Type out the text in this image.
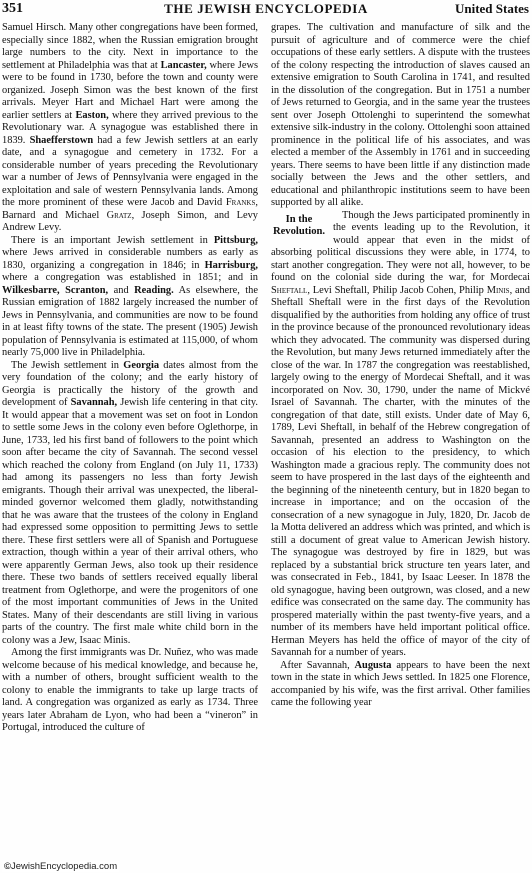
351	THE JEWISH ENCYCLOPEDIA	United States

Samuel Hirsch. Many other congregations have been formed, especially since 1882, when the Russian emigration brought large numbers to the city. Next in importance to the settlement at Philadelphia was that at Lancaster, where Jews were to be found in 1730, before the town and county were organized. Joseph Simon was the best known of the first arrivals. Meyer Hart and Michael Hart were among the earlier settlers at Easton, where they arrived previous to the Revolutionary war. A synagogue was established there in 1839. Shaefferstown had a few Jewish settlers at an early date, and a synagogue and cemetery in 1732. For a considerable number of years preceding the Revolutionary war a number of Jews of Pennsylvania were engaged in the exploitation and sale of western Pennsylvania lands. Among the more prominent of these were Jacob and David Franks, Barnard and Michael Gratz, Joseph Simon, and Levy Andrew Levy.

There is an important Jewish settlement in Pittsburg, where Jews arrived in considerable numbers as early as 1830, organizing a congregation in 1846; in Harrisburg, where a congregation was established in 1851; and in Wilkesbarre, Scranton, and Reading. As elsewhere, the Russian emigration of 1882 largely increased the number of Jews in Pennsylvania, and communities are now to be found in at least fifty towns of the state. The present (1905) Jewish population of Pennsylvania is estimated at 115,000, of whom nearly 75,000 live in Philadelphia.

The Jewish settlement in Georgia dates almost from the very foundation of the colony; and the early history of Georgia is practically the history of the growth and development of Savannah, Jewish life centering in that city. It would appear that a movement was set on foot in London to settle some Jews in the colony even before Oglethorpe, in June, 1733, led his first band of followers to the point which soon after became the city of Savannah. The second vessel which reached the colony from England (on July 11, 1733) had among its passengers no less than forty Jewish emigrants. Though their arrival was unexpected, the liberal-minded governor welcomed them gladly, notwithstanding that he was aware that the trustees of the colony in England had expressed some opposition to permitting Jews to settle there. These first settlers were all of Spanish and Portuguese extraction, though within a year of their arrival others, who were apparently German Jews, also took up their residence there. These two bands of settlers received equally liberal treatment from Oglethorpe, and were the progenitors of one of the most important communities of Jews in the United States. Many of their descendants are still living in various parts of the country. The first male white child born in the colony was a Jew, Isaac Minis.

Among the first immigrants was Dr. Nuñez, who was made welcome because of his medical knowledge, and because he, with a number of others, brought sufficient wealth to the colony to enable the immigrants to take up large tracts of land. A congregation was organized as early as 1734. Three years later Abraham de Lyon, who had been a “vineron” in Portugal, introduced the culture of

grapes. The cultivation and manufacture of silk and the pursuit of agriculture and of commerce were the chief occupations of these early settlers. A dispute with the trustees of the colony respecting the introduction of slaves caused an extensive emigration to South Carolina in 1741, and resulted in the dissolution of the congregation. But in 1751 a number of Jews returned to Georgia, and in the same year the trustees sent over Joseph Ottolenghi to superintend the somewhat extensive silk-industry in the colony. Ottolenghi soon attained prominence in the political life of his associates, and was elected a member of the Assembly in 1761 and in succeeding years. There seems to have been little if any distinction made socially between the Jews and the other settlers, and educational and philanthropic institutions seem to have been supported by all alike.

In the Revolution.

Though the Jews participated prominently in the events leading up to the Revolution, it would appear that even in the midst of absorbing political discussions they were able, in 1774, to start another congregation. They were not all, however, to be found on the colonial side during the war, for Mordecai Sheftall, Levi Sheftall, Philip Jacob Cohen, Philip Minis, and Sheftall Sheftall were in the first days of the Revolution disqualified by the authorities from holding any office of trust in the province because of the pronounced revolutionary ideas which they advocated. The community was dispersed during the Revolution, but many Jews returned immediately after the close of the war. In 1787 the congregation was reestablished, largely owing to the energy of Mordecai Sheftall, and it was incorporated on Nov. 30, 1790, under the name of Mickvé Israel of Savannah. The charter, with the minutes of the congregation of that date, still exists. Under date of May 6, 1789, Levi Sheftall, in behalf of the Hebrew congregation of Savannah, presented an address to Washington on the occasion of his election to the presidency, to which Washington made a gracious reply. The community does not seem to have prospered in the last days of the eighteenth and the beginning of the nineteenth century, but in 1820 began to increase in importance; and on the occasion of the consecration of a new synagogue in July, 1820, Dr. Jacob de la Motta delivered an address which was printed, and which is still a document of great value to American Jewish history. The synagogue was destroyed by fire in 1829, but was replaced by a substantial brick structure ten years later, and was consecrated in Feb., 1841, by Isaac Leeser. In 1878 the old synagogue, having been outgrown, was closed, and a new edifice was consecrated on the same day. The community has prospered materially within the past twenty-five years, and a number of its members have held important political office. Herman Meyers has held the office of mayor of the city of Savannah for a number of years.

After Savannah, Augusta appears to have been the next town in the state in which Jews settled. In 1825 one Florence, accompanied by his wife, was the first arrival. Other families came the following year

©JewishEncyclopedia.com
